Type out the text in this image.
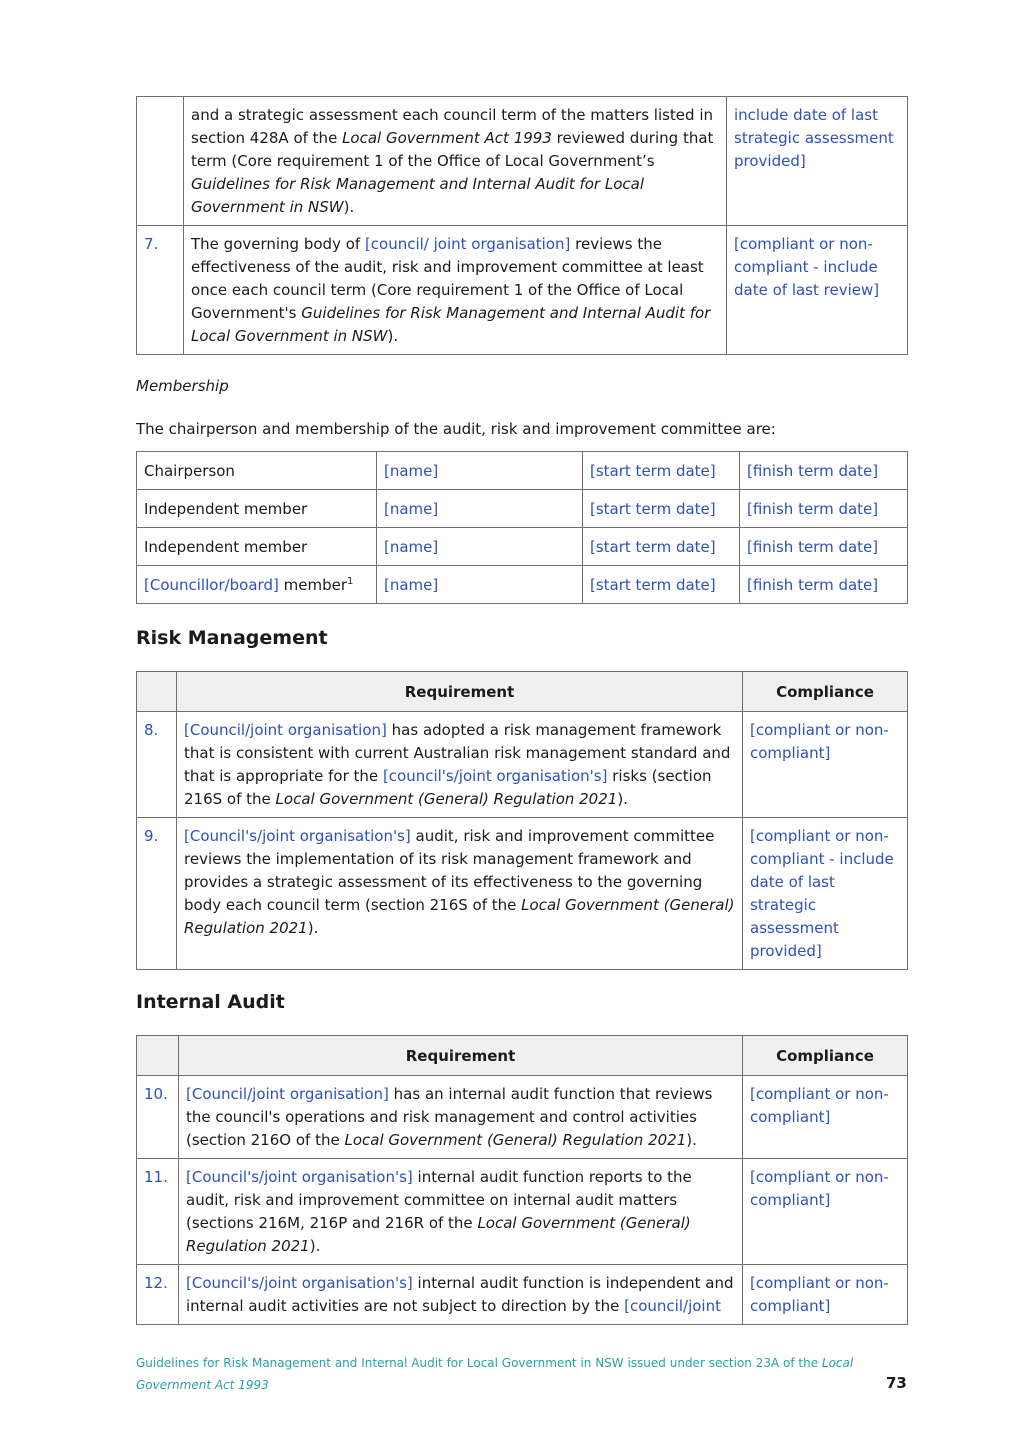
	and a strategic assessment each council term of the matters listed in section 428A of the Local Government Act 1993 reviewed during that term (Core requirement 1 of the Office of Local Government’s Guidelines for Risk Management and Internal Audit for Local Government in NSW).	include date of last strategic assessment provided]
7.	The governing body of [council/ joint organisation] reviews the effectiveness of the audit, risk and improvement committee at least once each council term (Core requirement 1 of the Office of Local Government's Guidelines for Risk Management and Internal Audit for Local Government in NSW).	[compliant or non-compliant - include date of last review]
Membership
The chairperson and membership of the audit, risk and improvement committee are:
Chairperson	[name]	[start term date]	[finish term date]
Independent member	[name]	[start term date]	[finish term date]
Independent member	[name]	[start term date]	[finish term date]
[Councillor/board] member$^1$	[name]	[start term date]	[finish term date]
Risk Management
	Requirement	Compliance
8.	[Council/joint organisation] has adopted a risk management framework that is consistent with current Australian risk management standard and that is appropriate for the [council's/joint organisation's] risks (section 216S of the Local Government (General) Regulation 2021).	[compliant or non-compliant]
9.	[Council's/joint organisation's] audit, risk and improvement committee reviews the implementation of its risk management framework and provides a strategic assessment of its effectiveness to the governing body each council term (section 216S of the Local Government (General) Regulation 2021).	[compliant or non-compliant - include date of last strategic assessment provided]
Internal Audit
	Requirement	Compliance
10.	[Council/joint organisation] has an internal audit function that reviews the council's operations and risk management and control activities (section 216O of the Local Government (General) Regulation 2021).	[compliant or non-compliant]
11.	[Council's/joint organisation's] internal audit function reports to the audit, risk and improvement committee on internal audit matters (sections 216M, 216P and 216R of the Local Government (General) Regulation 2021).	[compliant or non-compliant]
12.	[Council's/joint organisation's] internal audit function is independent and internal audit activities are not subject to direction by the [council/joint	[compliant or non-compliant]
Guidelines for Risk Management and Internal Audit for Local Government in NSW issued under section 23A of the Local Government Act 1993	73
